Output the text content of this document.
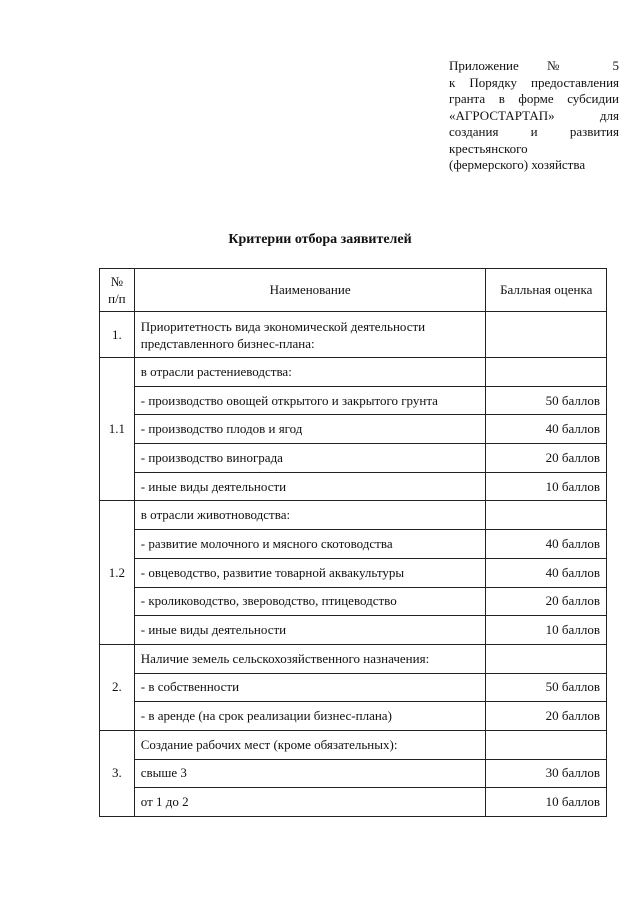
Приложение № 5
к Порядку предоставления
гранта в форме субсидии
«АГРОСТАРТАП» для
создания и развития
крестьянского
(фермерского) хозяйства
Критерии отбора заявителей
№ п/п	Наименование	Балльная оценка
1.	Приоритетность вида экономической деятельности представленного бизнес-плана:	
1.1	в отрасли растениеводства:	
	- производство овощей открытого и закрытого грунта	50 баллов
	- производство плодов и ягод	40 баллов
	- производство винограда	20 баллов
	- иные виды деятельности	10 баллов
1.2	в отрасли животноводства:	
	- развитие молочного и мясного скотоводства	40 баллов
	- овцеводство, развитие товарной аквакультуры	40 баллов
	- кролиководство, звероводство, птицеводство	20 баллов
	- иные виды деятельности	10 баллов
2.	Наличие земель сельскохозяйственного назначения:	
	- в собственности	50 баллов
	- в аренде (на срок реализации бизнес-плана)	20 баллов
3.	Создание рабочих мест (кроме обязательных):	
	свыше 3	30 баллов
	от 1 до 2	10 баллов
